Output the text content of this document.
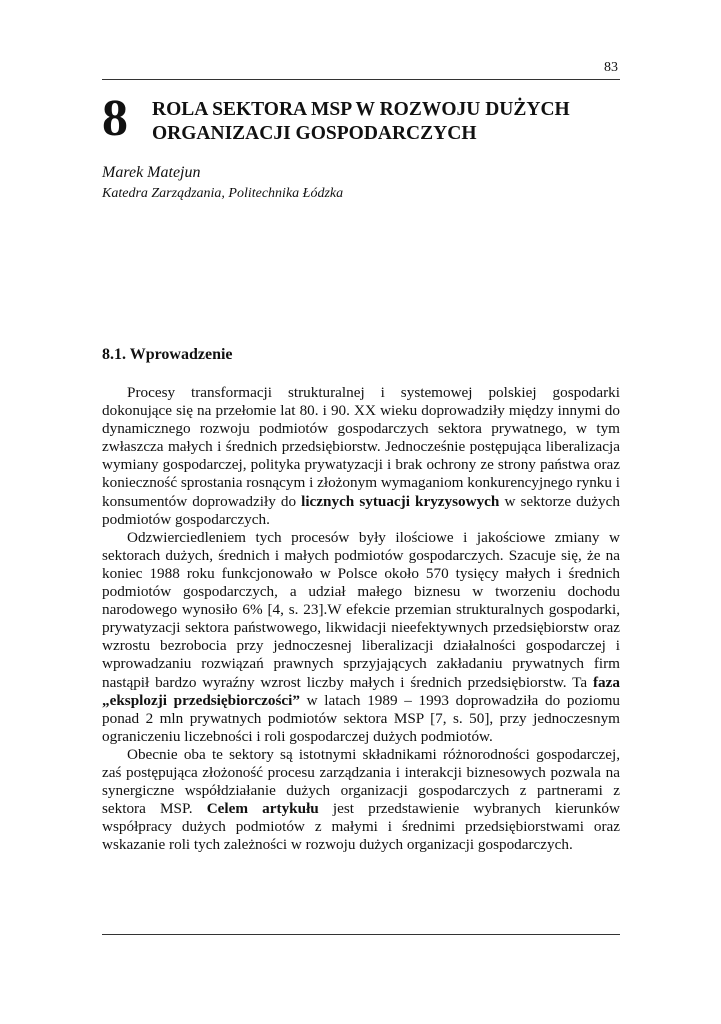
83
8 ROLA SEKTORA MSP W ROZWOJU DUŻYCH
ORGANIZACJI GOSPODARCZYCH
Marek Matejun
Katedra Zarządzania, Politechnika Łódzka
8.1. Wprowadzenie

Procesy transformacji strukturalnej i systemowej polskiej gospodarki dokonujące się na przełomie lat 80. i 90. XX wieku doprowadziły między innymi do dynamicznego rozwoju podmiotów gospodarczych sektora prywatnego, w tym zwłaszcza małych i średnich przedsiębiorstw. Jednocześnie postępująca liberalizacja wymiany gospodarczej, polityka prywatyzacji i brak ochrony ze strony państwa oraz konieczność sprostania rosnącym i złożonym wymaganiom konkurencyjnego rynku i konsumentów doprowadziły do licznych sytuacji kryzysowych w sektorze dużych podmiotów gospodarczych.

Odzwierciedleniem tych procesów były ilościowe i jakościowe zmiany w sektorach dużych, średnich i małych podmiotów gospodarczych. Szacuje się, że na koniec 1988 roku funkcjonowało w Polsce około 570 tysięcy małych i średnich podmiotów gospodarczych, a udział małego biznesu w tworzeniu dochodu narodowego wynosiło 6% [4, s. 23].W efekcie przemian strukturalnych gospodarki, prywatyzacji sektora państwowego, likwidacji nieefektywnych przedsiębiorstw oraz wzrostu bezrobocia przy jednoczesnej liberalizacji działalności gospodarczej i wprowadzaniu rozwiązań prawnych sprzyjających zakładaniu prywatnych firm nastąpił bardzo wyraźny wzrost liczby małych i średnich przedsiębiorstw. Ta faza „eksplozji przedsiębiorczości” w latach 1989 – 1993 doprowadziła do poziomu ponad 2 mln prywatnych podmiotów sektora MSP [7, s. 50], przy jednoczesnym ograniczeniu liczebności i roli gospodarczej dużych podmiotów.

Obecnie oba te sektory są istotnymi składnikami różnorodności gospodarczej, zaś postępująca złożoność procesu zarządzania i interakcji biznesowych pozwala na synergiczne współdziałanie dużych organizacji gospodarczych z partnerami z sektora MSP. Celem artykułu jest przedstawienie wybranych kierunków współpracy dużych podmiotów z małymi i średnimi przedsiębiorstwami oraz wskazanie roli tych zależności w rozwoju dużych organizacji gospodarczych.
